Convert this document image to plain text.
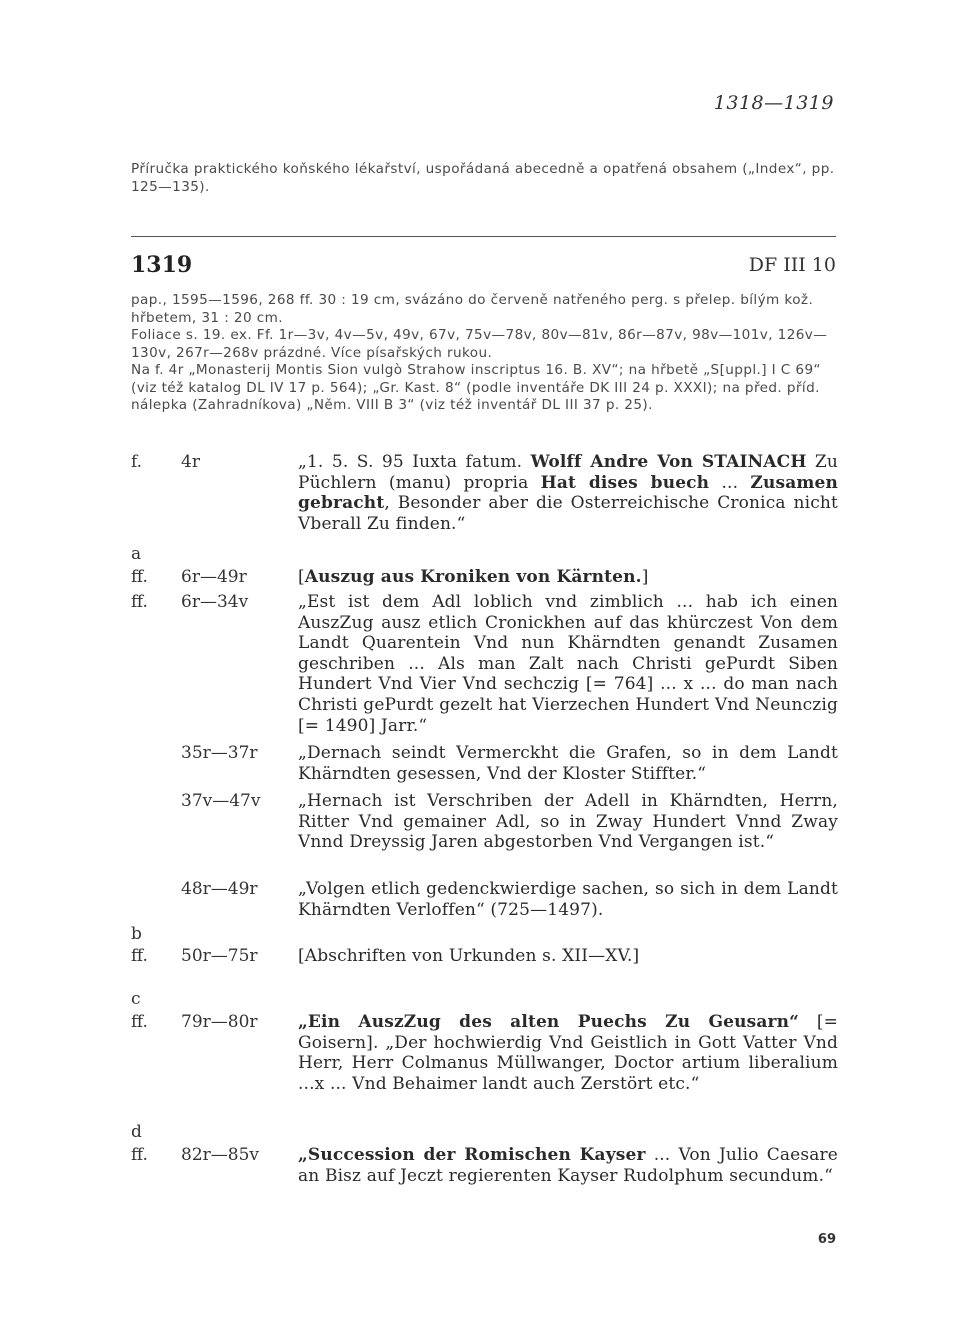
1318—1319
Příručka praktického koňského lékařství, uspořádaná abecedně a opatřená obsahem („Index“, pp. 125—135).
1319	DF III 10

pap., 1595—1596, 268 ff. 30 : 19 cm, svázáno do červeně natřeného perg. s přelep. bílým kož. hřbetem, 31 : 20 cm.

Foliace s. 19. ex. Ff. 1r—3v, 4v—5v, 49v, 67v, 75v—78v, 80v—81v, 86r—87v, 98v—101v, 126v—130v, 267r—268v prázdné. Více písařských rukou.

Na f. 4r „Monasterij Montis Sion vulgò Strahow inscriptus 16. B. XV“; na hřbetě „S[uppl.] I C 69“ (viz též katalog DL IV 17 p. 564); „Gr. Kast. 8“ (podle inventáře DK III 24 p. XXXI); na před. příd. nálepka (Zahradníkova) „Něm. VIII B 3“ (viz též inventář DL III 37 p. 25).

f. 4r	„1. 5. S. 95 Iuxta fatum. Wolff Andre Von STAINACH Zu Püchlern (manu) propria Hat dises buech ... Zusamen gebracht, Besonder aber die Osterreichische Cronica nicht Vberall Zu finden.“
a
ff. 6r—49r	[Auszug aus Kroniken von Kärnten.]
ff. 6r—34v	„Est ist dem Adl loblich vnd zimblich ... hab ich einen AuszZug ausz etlich Cronickhen auf das khürczest Von dem Landt Quarentein Vnd nun Khärndten genandt Zusamen geschriben ... Als man Zalt nach Christi gePurdt Siben Hundert Vnd Vier Vnd sechczig [= 764] ... x ... do man nach Christi gePurdt gezelt hat Vierzechen Hundert Vnd Neunczig [= 1490] Jarr.“
35r—37r	„Dernach seindt Vermerckht die Grafen, so in dem Landt Khärndten gesessen, Vnd der Kloster Stiffter.“
37v—47v	„Hernach ist Verschriben der Adell in Khärndten, Herrn, Ritter Vnd gemainer Adl, so in Zway Hundert Vnnd Zway Vnnd Dreyssig Jaren abgestorben Vnd Vergangen ist.“
48r—49r	„Volgen etlich gedenckwierdige sachen, so sich in dem Landt Khärndten Verloffen“ (725—1497).
b
ff. 50r—75r	[Abschriften von Urkunden s. XII—XV.]
c
ff. 79r—80r	„Ein AuszZug des alten Puechs Zu Geusarn“ [= Goisern]. „Der hochwierdig Vnd Geistlich in Gott Vatter Vnd Herr, Herr Colmanus Müllwanger, Doctor artium liberalium ...x ... Vnd Behaimer landt auch Zerstört etc.“
d
ff. 82r—85v	„Succession der Romischen Kayser ... Von Julio Caesare an Bisz auf Jeczt regierenten Kayser Rudolphum secundum.“
69
